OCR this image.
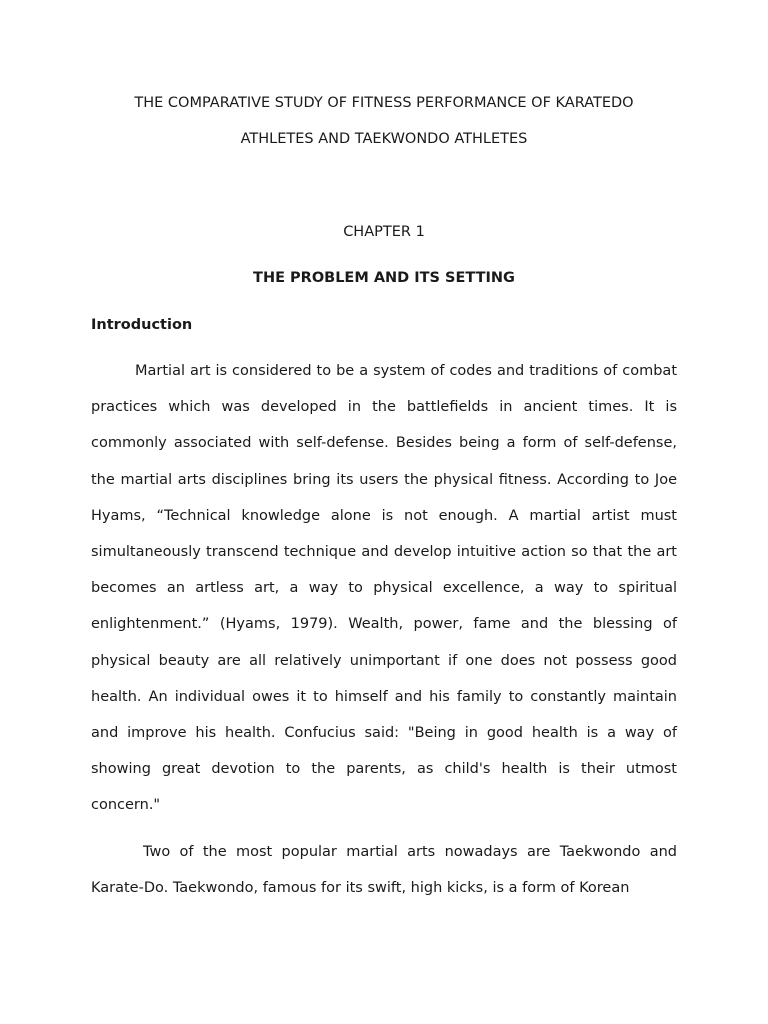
THE COMPARATIVE STUDY OF FITNESS PERFORMANCE OF KARATEDO
ATHLETES AND TAEKWONDO ATHLETES
CHAPTER 1
THE PROBLEM AND ITS SETTING
Introduction

Martial art is considered to be a system of codes and traditions of combat practices which was developed in the battlefields in ancient times. It is commonly associated with self-defense. Besides being a form of self-defense, the martial arts disciplines bring its users the physical fitness. According to Joe Hyams, “Technical knowledge alone is not enough. A martial artist must simultaneously transcend technique and develop intuitive action so that the art becomes an artless art, a way to physical excellence, a way to spiritual enlightenment.” (Hyams, 1979). Wealth, power, fame and the blessing of physical beauty are all relatively unimportant if one does not possess good health. An individual owes it to himself and his family to constantly maintain and improve his health. Confucius said: "Being in good health is a way of showing great devotion to the parents, as child's health is their utmost concern."

Two of the most popular martial arts nowadays are Taekwondo and Karate-Do. Taekwondo, famous for its swift, high kicks, is a form of Korean
